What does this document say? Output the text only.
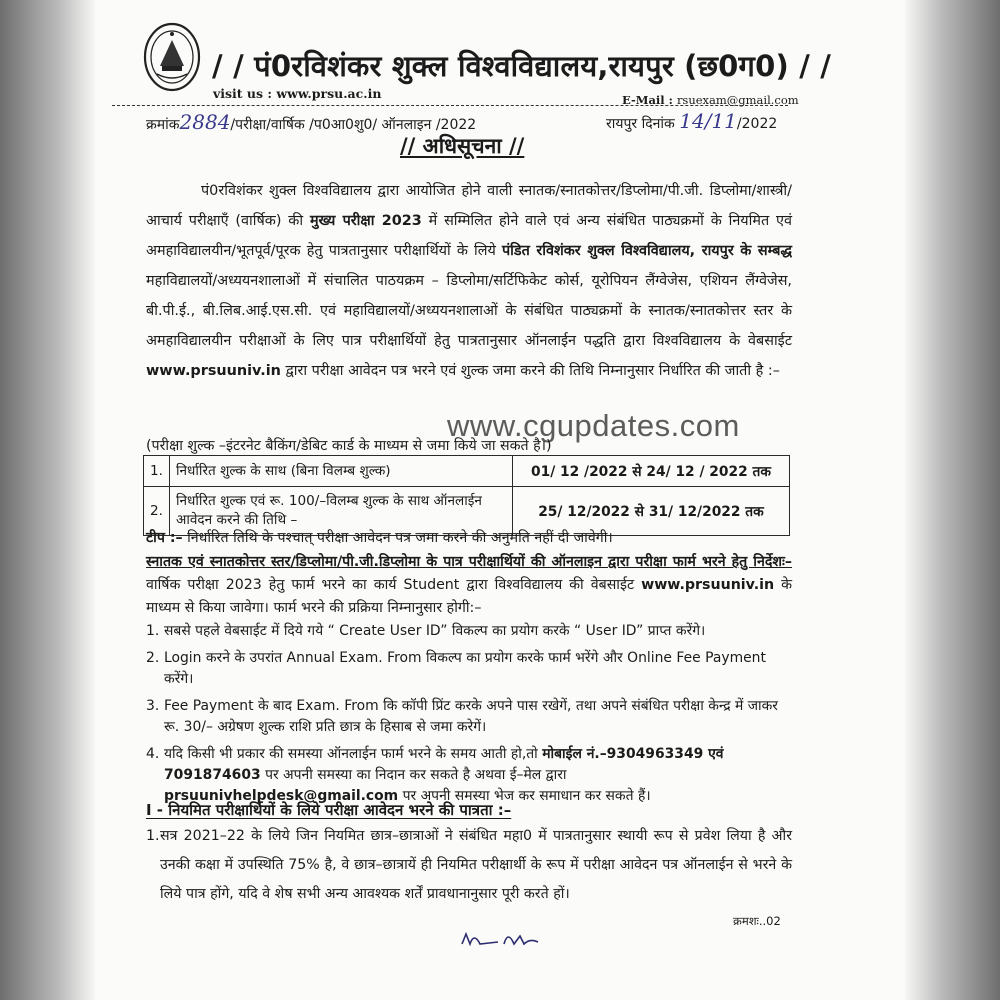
/ / पं0रविशंकर शुक्ल विश्वविद्यालय,रायपुर (छ0ग0) / /
visit us : www.prsu.ac.in	E-Mail : rsuexam@gmail.com
क्रमांक2884/परीक्षा/वार्षिक /प0आ0शु0/ ऑनलाइन /2022	रायपुर दिनांक 14/11/2022
// अधिसूचना //
पं0रविशंकर शुक्ल विश्वविद्यालय द्वारा आयोजित होने वाली स्नातक/स्नातकोत्तर/डिप्लोमा/पी.जी. डिप्लोमा/शास्त्री/आचार्य परीक्षाएँ (वार्षिक) की मुख्य परीक्षा 2023 में सम्मिलित होने वाले एवं अन्य संबंधित पाठ्यक्रमों के नियमित एवं अमहाविद्यालयीन/भूतपूर्व/पूरक हेतु पात्रतानुसार परीक्षार्थियों के लिये पंडित रविशंकर शुक्ल विश्वविद्यालय, रायपुर के सम्बद्ध महाविद्यालयों/अध्ययनशालाओं में संचालित पाठयक्रम – डिप्लोमा/सर्टिफिकेट कोर्स, यूरोपियन लैंग्वेजेस, एशियन लैंग्वेजेस, बी.पी.ई., बी.लिब.आई.एस.सी. एवं महाविद्यालयों/अध्ययनशालाओं के संबंधित पाठ्यक्रमों के स्नातक/स्नातकोत्तर स्तर के अमहाविद्यालयीन परीक्षाओं के लिए पात्र परीक्षार्थियों हेतु पात्रतानुसार ऑनलाईन पद्धति द्वारा विश्वविद्यालय के वेबसाईट www.prsuuniv.in द्वारा परीक्षा आवेदन पत्र भरने एवं शुल्क जमा करने की तिथि निम्नानुसार निर्धारित की जाती है :–
www.cgupdates.com
(परीक्षा शुल्क –इंटरनेट बैकिंग/डेबिट कार्ड के माध्यम से जमा किये जा सकते है।)
1.	निर्धारित शुल्क के साथ (बिना विलम्ब शुल्क)	01/ 12 /2022 से 24/ 12 / 2022 तक
2.	निर्धारित शुल्क एवं रू. 100/–विलम्ब शुल्क के साथ ऑनलाईन आवेदन करने की तिथि –	25/ 12/2022 से 31/ 12/2022 तक
टीप :– निर्धारित तिथि के पश्चात् परीक्षा आवेदन पत्र जमा करने की अनुमति नहीं दी जावेगी।
स्नातक एवं स्नातकोत्तर स्तर/डिप्लोमा/पी.जी.डिप्लोमा के पात्र परीक्षार्थियों की ऑनलाइन द्वारा परीक्षा फार्म भरने हेतु निर्देशः– वार्षिक परीक्षा 2023 हेतु फार्म भरने का कार्य Student द्वारा विश्वविद्यालय की वेबसाईट www.prsuuniv.in के माध्यम से किया जावेगा। फार्म भरने की प्रक्रिया निम्नानुसार होगी:–
1. सबसे पहले वेबसाईट में दिये गये “ Create User ID” विकल्प का प्रयोग करके “ User ID” प्राप्त करेंगे।
2. Login करने के उपरांत Annual Exam. From विकल्प का प्रयोग करके फार्म भरेंगे और Online Fee Payment करेंगे।
3. Fee Payment के बाद Exam. From कि कॉपी प्रिंट करके अपने पास रखेगें, तथा अपने संबंधित परीक्षा केन्द्र में जाकर रू. 30/– अग्रेषण शुल्क राशि प्रति छात्र के हिसाब से जमा करेगें।
4. यदि किसी भी प्रकार की समस्या ऑनलाईन फार्म भरने के समय आती हो,तो मोबाईल नं.–9304963349 एवं 7091874603 पर अपनी समस्या का निदान कर सकते है अथवा ई–मेल द्वारा prsuunivhelpdesk@gmail.com पर अपनी समस्या भेज कर समाधान कर सकते हैं।
I - नियमित परीक्षार्थियों के लिये परीक्षा आवेदन भरने की पात्रता :–
1. सत्र 2021–22 के लिये जिन नियमित छात्र–छात्राओं ने संबंधित महा0 में पात्रतानुसार स्थायी रूप से प्रवेश लिया है और उनकी कक्षा में उपस्थिति 75% है, वे छात्र–छात्रायें ही नियमित परीक्षार्थी के रूप में परीक्षा आवेदन पत्र ऑनलाईन से भरने के लिये पात्र होंगे, यदि वे शेष सभी अन्य आवश्यक शर्तें प्रावधानानुसार पूरी करते हों।
क्रमशः..02
